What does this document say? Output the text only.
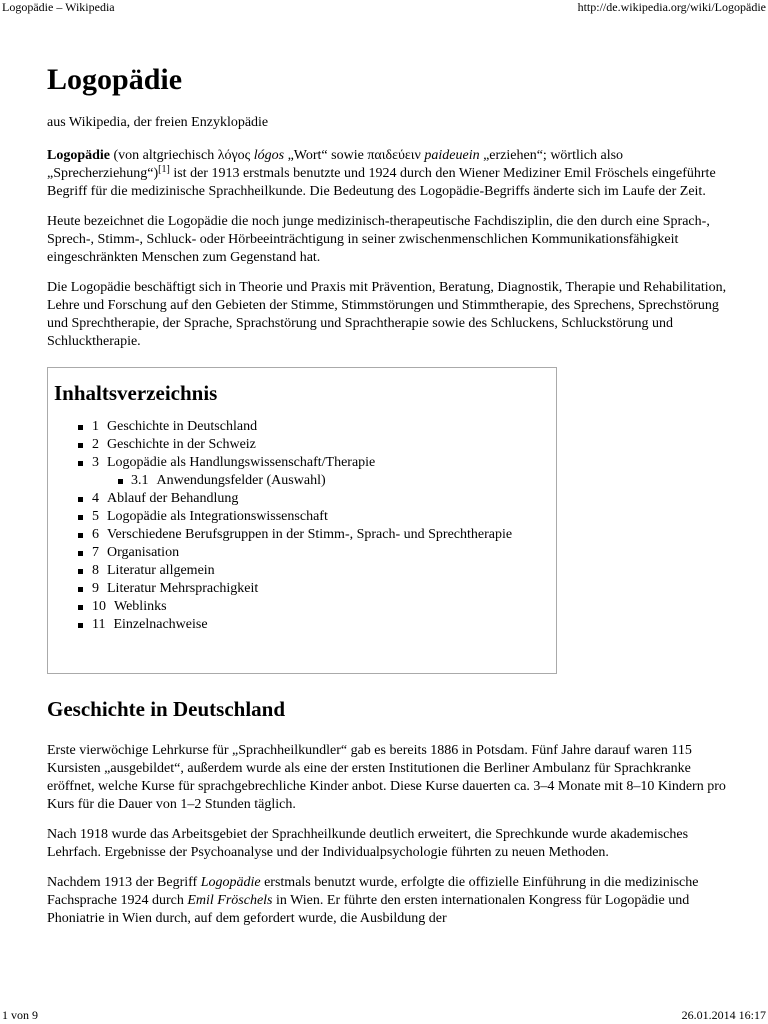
Logopädie – Wikipedia	http://de.wikipedia.org/wiki/Logopädie
Logopädie
aus Wikipedia, der freien Enzyklopädie

Logopädie (von altgriechisch λόγος lógos „Wort“ sowie παιδεύειν paideuein „erziehen“; wörtlich also „Sprecherziehung“)[1] ist der 1913 erstmals benutzte und 1924 durch den Wiener Mediziner Emil Fröschels eingeführte Begriff für die medizinische Sprachheilkunde. Die Bedeutung des Logopädie-Begriffs änderte sich im Laufe der Zeit.

Heute bezeichnet die Logopädie die noch junge medizinisch-therapeutische Fachdisziplin, die den durch eine Sprach-, Sprech-, Stimm-, Schluck- oder Hörbeeinträchtigung in seiner zwischenmenschlichen Kommunikationsfähigkeit eingeschränkten Menschen zum Gegenstand hat.

Die Logopädie beschäftigt sich in Theorie und Praxis mit Prävention, Beratung, Diagnostik, Therapie und Rehabilitation, Lehre und Forschung auf den Gebieten der Stimme, Stimmstörungen und Stimmtherapie, des Sprechens, Sprechstörung und Sprechtherapie, der Sprache, Sprachstörung und Sprachtherapie sowie des Schluckens, Schluckstörung und Schlucktherapie.

Inhaltsverzeichnis
1 Geschichte in Deutschland
2 Geschichte in der Schweiz
3 Logopädie als Handlungswissenschaft/Therapie
3.1 Anwendungsfelder (Auswahl)
4 Ablauf der Behandlung
5 Logopädie als Integrationswissenschaft
6 Verschiedene Berufsgruppen in der Stimm-, Sprach- und Sprechtherapie
7 Organisation
8 Literatur allgemein
9 Literatur Mehrsprachigkeit
10 Weblinks
11 Einzelnachweise
Geschichte in Deutschland

Erste vierwöchige Lehrkurse für „Sprachheilkundler“ gab es bereits 1886 in Potsdam. Fünf Jahre darauf waren 115 Kursisten „ausgebildet“, außerdem wurde als eine der ersten Institutionen die Berliner Ambulanz für Sprachkranke eröffnet, welche Kurse für sprachgebrechliche Kinder anbot. Diese Kurse dauerten ca. 3–4 Monate mit 8–10 Kindern pro Kurs für die Dauer von 1–2 Stunden täglich.

Nach 1918 wurde das Arbeitsgebiet der Sprachheilkunde deutlich erweitert, die Sprechkunde wurde akademisches Lehrfach. Ergebnisse der Psychoanalyse und der Individualpsychologie führten zu neuen Methoden.

Nachdem 1913 der Begriff Logopädie erstmals benutzt wurde, erfolgte die offizielle Einführung in die medizinische Fachsprache 1924 durch Emil Fröschels in Wien. Er führte den ersten internationalen Kongress für Logopädie und Phoniatrie in Wien durch, auf dem gefordert wurde, die Ausbildung der

1 von 9	26.01.2014 16:17
